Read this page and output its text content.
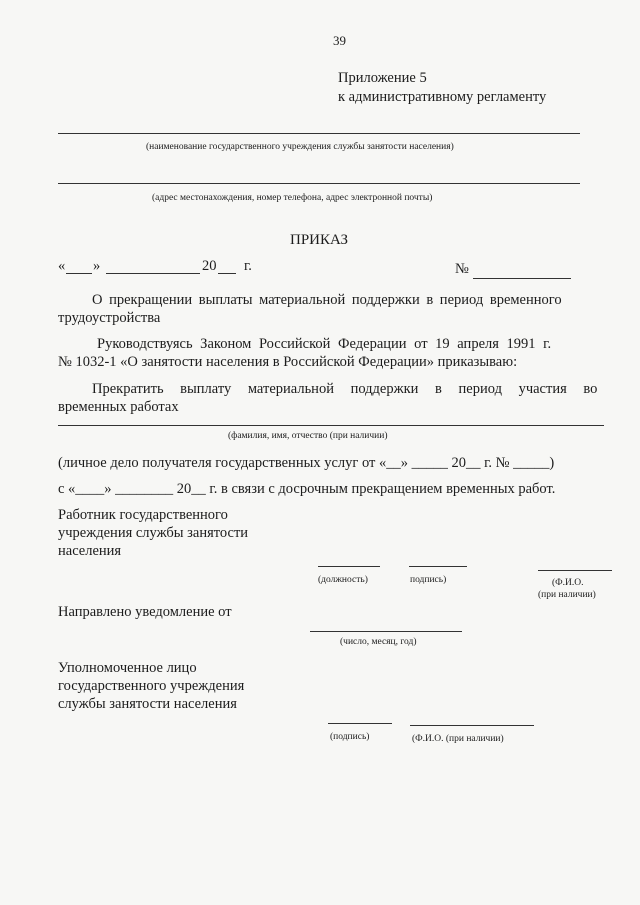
39
Приложение 5
к административному регламенту
(наименование государственного учреждения службы занятости населения)
(адрес местонахождения, номер телефона, адрес электронной почты)
ПРИКАЗ
« »	20 г.	№
О прекращении выплаты материальной поддержки в период временного
трудоустройства
Руководствуясь Законом Российской Федерации от 19 апреля 1991 г.
№ 1032-1 «О занятости населения в Российской Федерации» приказываю:
Прекратить выплату материальной поддержки в период участия во
временных работах
(фамилия, имя, отчество (при наличии)
(личное дело получателя государственных услуг от «__» _____ 20__ г. № _____)
с «____» ________ 20__ г. в связи с досрочным прекращением временных работ.
Работник государственного
учреждения службы занятости
населения
(должность)	подпись)	(Ф.И.О.
(при наличии)
Направлено уведомление от
(число, месяц, год)
Уполномоченное лицо
государственного учреждения
службы занятости населения
(подпись)	(Ф.И.О. (при наличии)
